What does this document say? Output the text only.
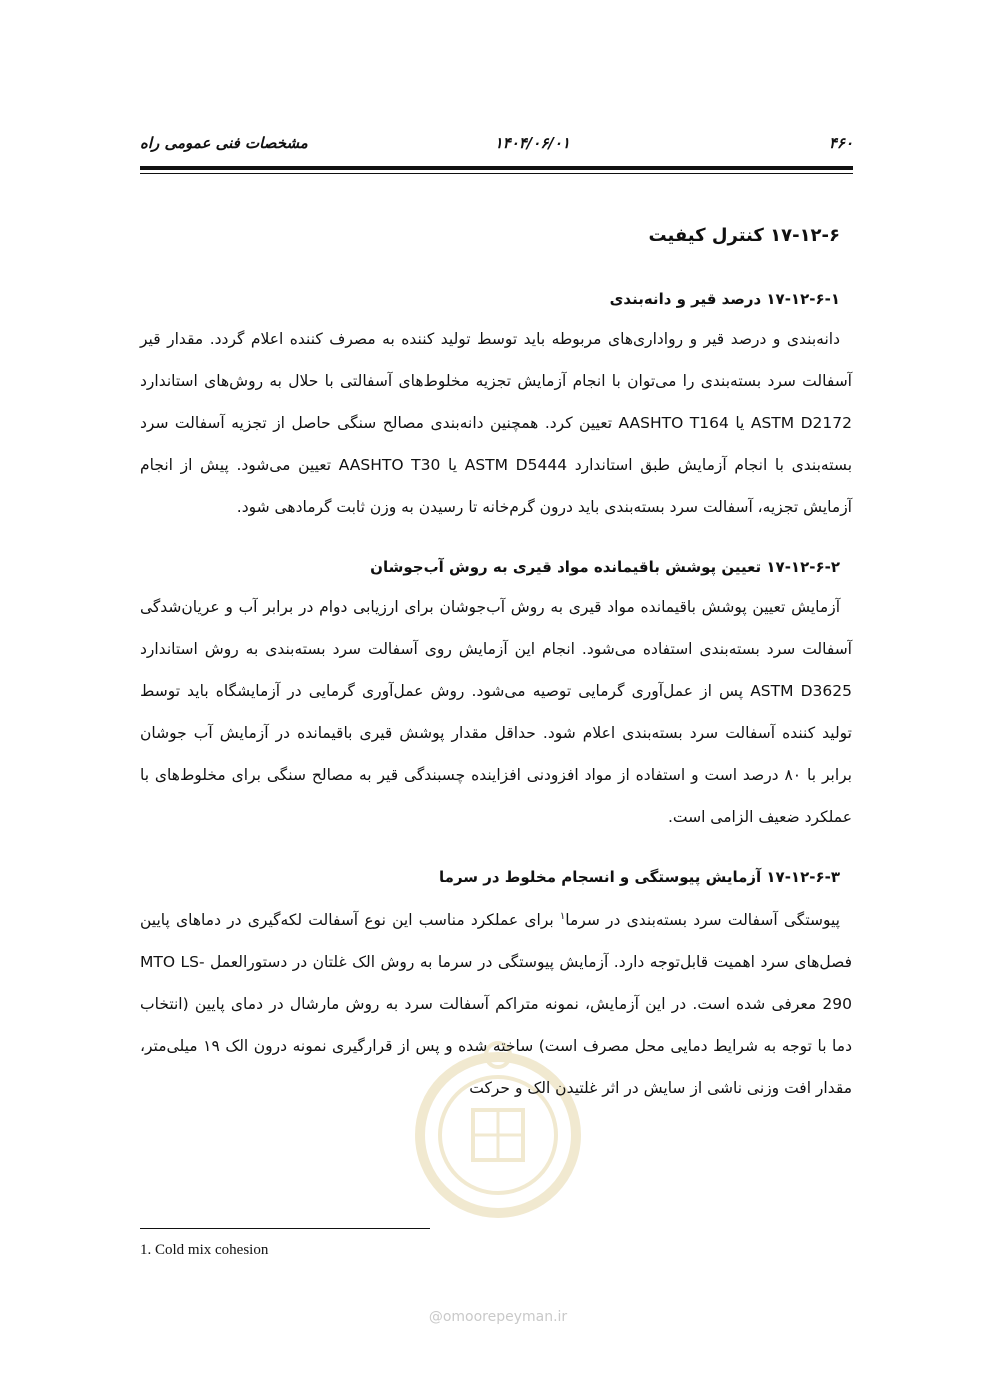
۴۶۰
۱۴۰۴/۰۶/۰۱
مشخصات فنی عمومی راه
@omoorepeyman.ir
۱۷-۱۲-۶ کنترل کیفیت
۱۷-۱۲-۶-۱ درصد قیر و دانه‌بندی

دانه‌بندی و درصد قیر و رواداری‌های مربوطه باید توسط تولید کننده به مصرف کننده اعلام گردد. مقدار قیر آسفالت سرد بسته‌بندی را می‌توان با انجام آزمایش تجزیه مخلوط‌های آسفالتی با حلال به روش‌های استاندارد ASTM D2172 یا AASHTO T164 تعیین کرد. همچنین دانه‌بندی مصالح سنگی حاصل از تجزیه آسفالت سرد بسته‌بندی با انجام آزمایش طبق استاندارد ASTM D5444 یا AASHTO T30 تعیین می‌شود. پیش از انجام آزمایش تجزیه، آسفالت سرد بسته‌بندی باید درون گرم‌خانه تا رسیدن به وزن ثابت گرمادهی شود.

۱۷-۱۲-۶-۲ تعیین پوشش باقیمانده مواد قیری به روش آب‌جوشان

آزمایش تعیین پوشش باقیمانده مواد قیری به روش آب‌جوشان برای ارزیابی دوام در برابر آب و عریان‌شدگی آسفالت سرد بسته‌بندی استفاده می‌شود. انجام این آزمایش روی آسفالت سرد بسته‌بندی به روش استاندارد ASTM D3625 پس از عمل‌آوری گرمایی توصیه می‌شود. روش عمل‌آوری گرمایی در آزمایشگاه باید توسط تولید کننده آسفالت سرد بسته‌بندی اعلام شود. حداقل مقدار پوشش قیری باقیمانده در آزمایش آب جوشان برابر با ۸۰ درصد است و استفاده از مواد افزودنی افزاینده چسبندگی قیر به مصالح سنگی برای مخلوط‌های با عملکرد ضعیف الزامی است.

۱۷-۱۲-۶-۳ آزمایش پیوستگی و انسجام مخلوط در سرما

پیوستگی آسفالت سرد بسته‌بندی در سرما$^۱$ برای عملکرد مناسب این نوع آسفالت لکه‌گیری در دماهای پایین فصل‌های سرد اهمیت قابل‌توجه دارد. آزمایش پیوستگی در سرما به روش الک غلتان در دستورالعمل MTO LS-290 معرفی شده است. در این آزمایش، نمونه متراکم آسفالت سرد به روش مارشال در دمای پایین (انتخاب دما با توجه به شرایط دمایی محل مصرف است) ساخته شده و پس از قرارگیری نمونه درون الک ۱۹ میلی‌متر، مقدار افت وزنی ناشی از سایش در اثر غلتیدن الک و حرکت

1. Cold mix cohesion
